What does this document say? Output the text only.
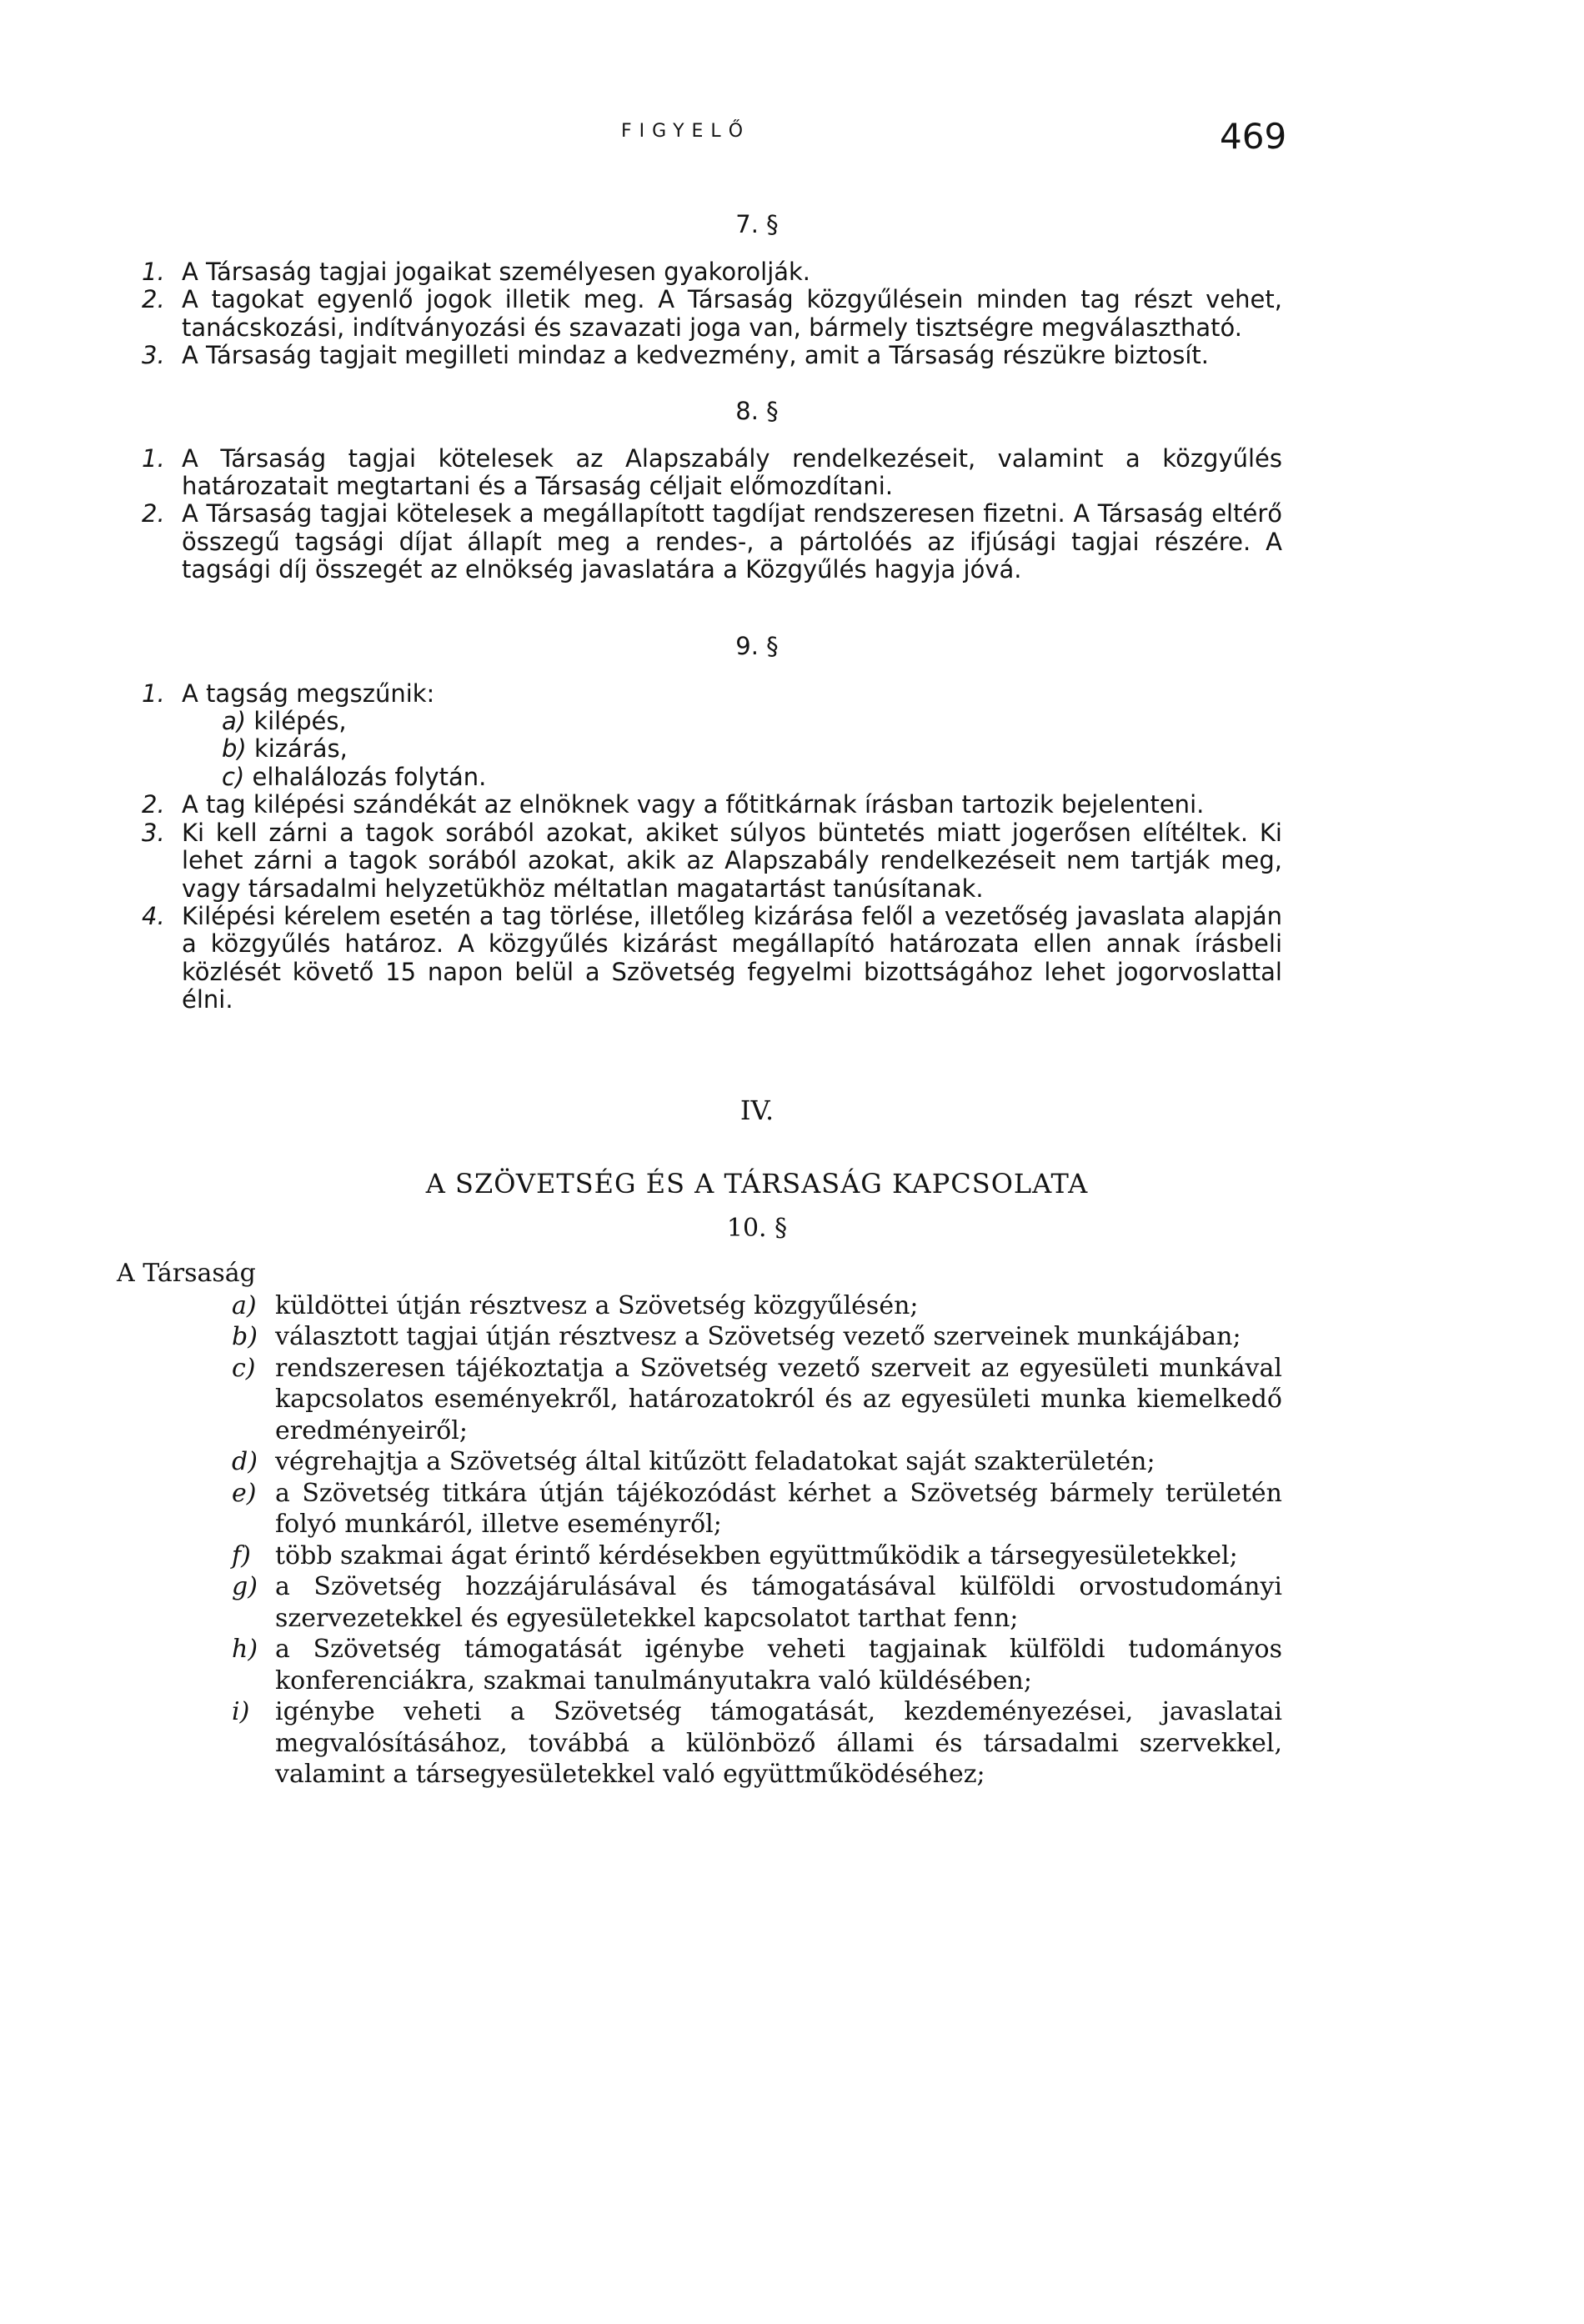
FIGYELŐ	469
7. §

1. A Társaság tagjai jogaikat személyesen gyakorolják.

2. A tagokat egyenlő jogok illetik meg. A Társaság közgyűlésein minden tag részt vehet, tanácskozási, indítványozási és szavazati joga van, bármely tisztségre megválasztható.

3. A Társaság tagjait megilleti mindaz a kedvezmény, amit a Társaság részükre biztosít.

8. §

1. A Társaság tagjai kötelesek az Alapszabály rendelkezéseit, valamint a közgyűlés határozatait megtartani és a Társaság céljait előmozdítani.

2. A Társaság tagjai kötelesek a megállapított tagdíjat rendszeresen fizetni. A Társaság eltérő összegű tagsági díjat állapít meg a rendes-, a pártolóés az ifjúsági tagjai részére. A tagsági díj összegét az elnökség javaslatára a Közgyűlés hagyja jóvá.

9. §

1. A tagság megszűnik:

a) kilépés,
b) kizárás,
c) elhalálozás folytán.

2. A tag kilépési szándékát az elnöknek vagy a főtitkárnak írásban tartozik bejelenteni.

3. Ki kell zárni a tagok sorából azokat, akiket súlyos büntetés miatt jogerősen elítéltek. Ki lehet zárni a tagok sorából azokat, akik az Alapszabály rendelkezéseit nem tartják meg, vagy társadalmi helyzetükhöz méltatlan magatartást tanúsítanak.

4. Kilépési kérelem esetén a tag törlése, illetőleg kizárása felől a vezetőség javaslata alapján a közgyűlés határoz. A közgyűlés kizárást megállapító határozata ellen annak írásbeli közlését követő 15 napon belül a Szövetség fegyelmi bizottságához lehet jogorvoslattal élni.

IV.
A SZÖVETSÉG ÉS A TÁRSASÁG KAPCSOLATA
10. §
A Társaság
a) küldöttei útján résztvesz a Szövetség közgyűlésén;
b) választott tagjai útján résztvesz a Szövetség vezető szerveinek munkájában;
c) rendszeresen tájékoztatja a Szövetség vezető szerveit az egyesületi munkával kapcsolatos eseményekről, határozatokról és az egyesületi munka kiemelkedő eredményeiről;
d) végrehajtja a Szövetség által kitűzött feladatokat saját szakterületén;
e) a Szövetség titkára útján tájékozódást kérhet a Szövetség bármely területén folyó munkáról, illetve eseményről;
f) több szakmai ágat érintő kérdésekben együttműködik a társegyesületekkel;
g) a Szövetség hozzájárulásával és támogatásával külföldi orvostudományi szervezetekkel és egyesületekkel kapcsolatot tarthat fenn;
h) a Szövetség támogatását igénybe veheti tagjainak külföldi tudományos konferenciákra, szakmai tanulmányutakra való küldésében;
i) igénybe veheti a Szövetség támogatását, kezdeményezései, javaslatai megvalósításához, továbbá a különböző állami és társadalmi szervekkel, valamint a társegyesületekkel való együttműködéséhez;
